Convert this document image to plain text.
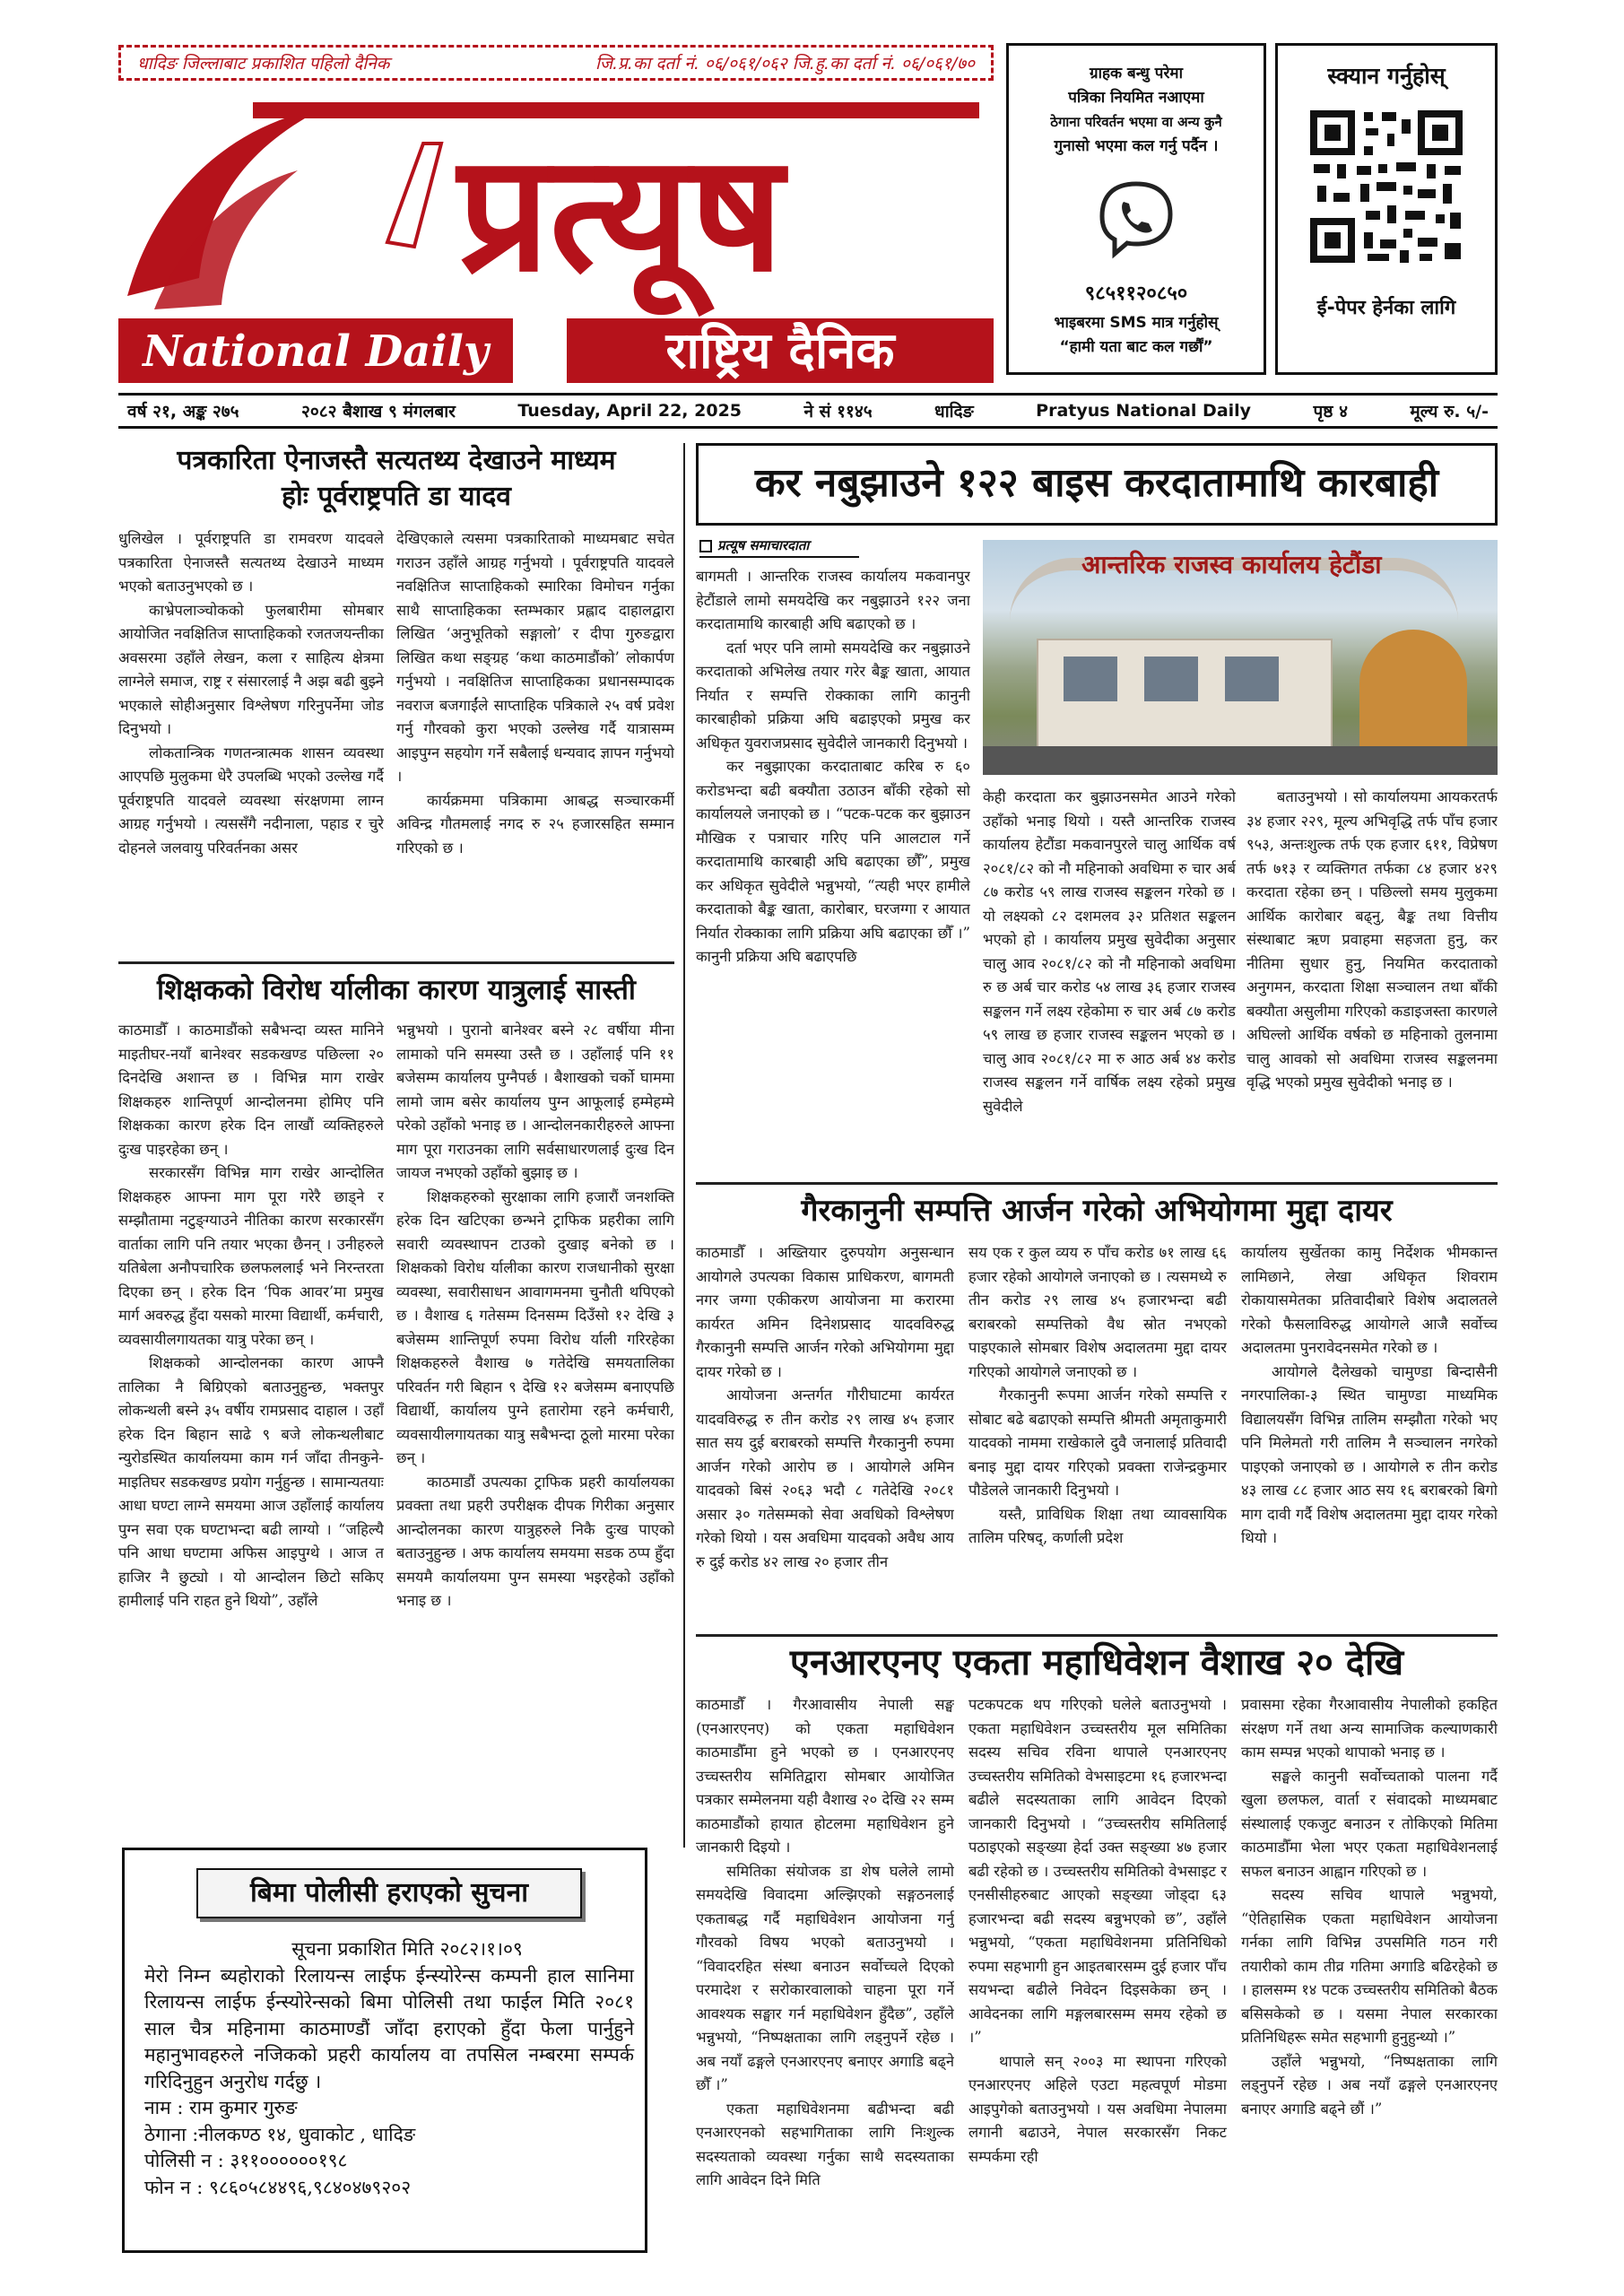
धादिङ जिल्लाबाट प्रकाशित पहिलो दैनिक	जि.प्र.का दर्ता नं. ०६/०६१/०६२ जि.हु.का दर्ता नं. ०६/०६१/७०
प्रत्यूष
National Daily	राष्ट्रिय दैनिक
ग्राहक बन्धु परेमा
पत्रिका नियमित नआएमा
ठेगाना परिवर्तन भएमा वा अन्य कुनै
गुनासो भएमा कल गर्नु पर्दैन ।
९८५११२०८५०
भाइबरमा SMS मात्र गर्नुहोस्
“हामी यता बाट कल गर्छौं”
स्क्यान गर्नुहोस्
ई-पेपर हेर्नका लागि
वर्ष २१, अङ्क २७५	२०८२ बैशाख ९ मंगलबार	Tuesday, April 22, 2025	ने सं ११४५	धादिङ	Pratyus National Daily	पृष्ठ ४	मूल्य रु. ५/-
पत्रकारिता ऐनाजस्तै सत्यतथ्य देखाउने माध्यम
होः पूर्वराष्ट्रपति डा यादव

धुलिखेल । पूर्वराष्ट्रपति डा रामवरण यादवले पत्रकारिता ऐनाजस्तै सत्यतथ्य देखाउने माध्यम भएको बताउनुभएको छ ।

काभ्रेपलाञ्चोकको फुलबारीमा सोमबार आयोजित नवक्षितिज साप्ताहिकको रजतजयन्तीका अवसरमा उहाँले लेखन, कला र साहित्य क्षेत्रमा लाग्नेले समाज, राष्ट्र र संसारलाई नै अझ बढी बुझ्ने भएकाले सोहीअनुसार विश्लेषण गरिनुपर्नेमा जोड दिनुभयो ।

लोकतान्त्रिक गणतन्त्रात्मक शासन व्यवस्था आएपछि मुलुकमा धेरै उपलब्धि भएको उल्लेख गर्दै पूर्वराष्ट्रपति यादवले व्यवस्था संरक्षणमा लाग्न आग्रह गर्नुभयो । त्यससँगै नदीनाला, पहाड र चुरे दोहनले जलवायु परिवर्तनका असर

देखिएकाले त्यसमा पत्रकारिताको माध्यमबाट सचेत गराउन उहाँले आग्रह गर्नुभयो । पूर्वराष्ट्रपति यादवले नवक्षितिज साप्ताहिकको स्मारिका विमोचन गर्नुका साथै साप्ताहिकका स्तम्भकार प्रह्लाद दाहालद्वारा लिखित ‘अनुभूतिको सङ्गालो’ र दीपा गुरुङद्वारा लिखित कथा सङ्ग्रह ‘कथा काठमाडौंको’ लोकार्पण गर्नुभयो । नवक्षितिज साप्ताहिकका प्रधानसम्पादक नवराज बजगाईंले साप्ताहिक पत्रिकाले २५ वर्ष प्रवेश गर्नु गौरवको कुरा भएको उल्लेख गर्दै यात्रासम्म आइपुग्न सहयोग गर्ने सबैलाई धन्यवाद ज्ञापन गर्नुभयो ।

कार्यक्रममा पत्रिकामा आबद्ध सञ्चारकर्मी अविन्द्र गौतमलाई नगद रु २५ हजारसहित सम्मान गरिएको छ ।

शिक्षकको विरोध र्यालीका कारण यात्रुलाई सास्ती

काठमाडौँ । काठमाडौंको सबैभन्दा व्यस्त मानिने माइतीघर-नयाँ बानेश्वर सडकखण्ड पछिल्ला २० दिनदेखि अशान्त छ । विभिन्न माग राखेर शिक्षकहरु शान्तिपूर्ण आन्दोलनमा होमिए पनि शिक्षकका कारण हरेक दिन लाखौं व्यक्तिहरुले दुःख पाइरहेका छन् ।

सरकारसँग विभिन्न माग राखेर आन्दोलित शिक्षकहरु आफ्ना माग पूरा गरेरै छाड्ने र सम्झौतामा नटुङ्ग्याउने नीतिका कारण सरकारसँग वार्ताका लागि पनि तयार भएका छैनन् । उनीहरुले यतिबेला अनौपचारिक छलफललाई भने निरन्तरता दिएका छन् । हरेक दिन ‘पिक आवर’मा प्रमुख मार्ग अवरुद्ध हुँदा यसको मारमा विद्यार्थी, कर्मचारी, व्यवसायीलगायतका यात्रु परेका छन् ।

शिक्षकको आन्दोलनका कारण आफ्नै तालिका नै बिग्रिएको बताउनुहुन्छ, भक्तपुर लोकन्थली बस्ने ३५ वर्षीय रामप्रसाद दाहाल । उहाँ हरेक दिन बिहान साढे ९ बजे लोकन्थलीबाट न्युरोडस्थित कार्यालयमा काम गर्न जाँदा तीनकुने-माइतिघर सडकखण्ड प्रयोग गर्नुहुन्छ । सामान्यतयाः आधा घण्टा लाग्ने समयमा आज उहाँलाई कार्यालय पुग्न सवा एक घण्टाभन्दा बढी लाग्यो । “जहिल्यै पनि आधा घण्टामा अफिस आइपुग्थे । आज त हाजिर नै छुट्यो । यो आन्दोलन छिटो सकिए हामीलाई पनि राहत हुने थियो”, उहाँले

भन्नुभयो । पुरानो बानेश्वर बस्ने २८ वर्षीया मीना लामाको पनि समस्या उस्तै छ । उहाँलाई पनि ११ बजेसम्म कार्यालय पुग्नैपर्छ । बैशाखको चर्को घाममा लामो जाम बसेर कार्यालय पुग्न आफूलाई हम्मेहम्मे परेको उहाँको भनाइ छ । आन्दोलनकारीहरुले आफ्ना माग पूरा गराउनका लागि सर्वसाधारणलाई दुःख दिन जायज नभएको उहाँको बुझाइ छ ।

शिक्षकहरुको सुरक्षाका लागि हजारौं जनशक्ति हरेक दिन खटिएका छन्भने ट्राफिक प्रहरीका लागि सवारी व्यवस्थापन टाउको दुखाइ बनेको छ । शिक्षकको विरोध र्यालीका कारण राजधानीको सुरक्षा व्यवस्था, सवारीसाधन आवागमनमा चुनौती थपिएको छ । वैशाख ६ गतेसम्म दिनसम्म दिउँसो १२ देखि ३ बजेसम्म शान्तिपूर्ण रुपमा विरोध र्याली गरिरहेका शिक्षकहरुले वैशाख ७ गतेदेखि समयतालिका परिवर्तन गरी बिहान ९ देखि १२ बजेसम्म बनाएपछि विद्यार्थी, कार्यालय पुग्ने हतारोमा रहने कर्मचारी, व्यवसायीलगायतका यात्रु सबैभन्दा ठूलो मारमा परेका छन् ।

काठमाडौं उपत्यका ट्राफिक प्रहरी कार्यालयका प्रवक्ता तथा प्रहरी उपरीक्षक दीपक गिरीका अनुसार आन्दोलनका कारण यात्रुहरुले निकै दुःख पाएको बताउनुहुन्छ । अफ कार्यालय समयमा सडक ठप्प हुँदा समयमै कार्यालयमा पुग्न समस्या भइरहेको उहाँको भनाइ छ ।

कर नबुझाउने १२२ बाइस करदातामाथि कारबाही
प्रत्यूष समाचारदाता
आन्तरिक राजस्व कार्यालय हेटौंडा

बागमती । आन्तरिक राजस्व कार्यालय मकवानपुर हेटौंडाले लामो समयदेखि कर नबुझाउने १२२ जना करदातामाथि कारबाही अघि बढाएको छ ।

दर्ता भएर पनि लामो समयदेखि कर नबुझाउने करदाताको अभिलेख तयार गरेर बैङ्क खाता, आयात निर्यात र सम्पत्ति रोक्काका लागि कानुनी कारबाहीको प्रक्रिया अघि बढाइएको प्रमुख कर अधिकृत युवराजप्रसाद सुवेदीले जानकारी दिनुभयो ।

कर नबुझाएका करदाताबाट करिब रु ६० करोडभन्दा बढी बक्यौता उठाउन बाँकी रहेको सो कार्यालयले जनाएको छ । “पटक-पटक कर बुझाउन मौखिक र पत्राचार गरिए पनि आलटाल गर्ने करदातामाथि कारबाही अघि बढाएका छौँ”, प्रमुख कर अधिकृत सुवेदीले भन्नुभयो, “त्यही भएर हामीले करदाताको बैङ्क खाता, कारोबार, घरजग्गा र आयात निर्यात रोक्काका लागि प्रक्रिया अघि बढाएका छौँ ।” कानुनी प्रक्रिया अघि बढाएपछि

केही करदाता कर बुझाउनसमेत आउने गरेको उहाँको भनाइ थियो । यस्तै आन्तरिक राजस्व कार्यालय हेटौंडा मकवानपुरले चालु आर्थिक वर्ष २०८१/८२ को नौ महिनाको अवधिमा रु चार अर्ब ८७ करोड ५९ लाख राजस्व सङ्कलन गरेको छ । यो लक्ष्यको ८२ दशमलव ३२ प्रतिशत सङ्कलन भएको हो । कार्यालय प्रमुख सुवेदीका अनुसार चालु आव २०८१/८२ को नौ महिनाको अवधिमा रु छ अर्ब चार करोड ५४ लाख ३६ हजार राजस्व सङ्कलन गर्ने लक्ष्य रहेकोमा रु चार अर्ब ८७ करोड ५९ लाख छ हजार राजस्व सङ्कलन भएको छ । चालु आव २०८१/८२ मा रु आठ अर्ब ४४ करोड राजस्व सङ्कलन गर्ने वार्षिक लक्ष्य रहेको प्रमुख सुवेदीले

बताउनुभयो । सो कार्यालयमा आयकरतर्फ ३४ हजार २२९, मूल्य अभिवृद्धि तर्फ पाँच हजार ९५३, अन्तःशुल्क तर्फ एक हजार ६११, विप्रेषण तर्फ ७१३ र व्यक्तिगत तर्फका ८४ हजार ४२९ करदाता रहेका छन् । पछिल्लो समय मुलुकमा आर्थिक कारोबार बढ्नु, बैङ्क तथा वित्तीय संस्थाबाट ऋण प्रवाहमा सहजता हुनु, कर नीतिमा सुधार हुनु, नियमित करदाताको अनुगमन, करदाता शिक्षा सञ्चालन तथा बाँकी बक्यौता असुलीमा गरिएको कडाइजस्ता कारणले अघिल्लो आर्थिक वर्षको छ महिनाको तुलनामा चालु आवको सो अवधिमा राजस्व सङ्कलनमा वृद्धि भएको प्रमुख सुवेदीको भनाइ छ ।

गैरकानुनी सम्पत्ति आर्जन गरेको अभियोगमा मुद्दा दायर

काठमाडौँ । अख्तियार दुरुपयोग अनुसन्धान आयोगले उपत्यका विकास प्राधिकरण, बागमती नगर जग्गा एकीकरण आयोजना मा करारमा कार्यरत अमिन दिनेशप्रसाद यादवविरुद्ध गैरकानुनी सम्पत्ति आर्जन गरेको अभियोगमा मुद्दा दायर गरेको छ ।

आयोजना अन्तर्गत गौरीघाटमा कार्यरत यादवविरुद्ध रु तीन करोड २९ लाख ४५ हजार सात सय दुई बराबरको सम्पत्ति गैरकानुनी रुपमा आर्जन गरेको आरोप छ । आयोगले अमिन यादवको बिसं २०६३ भदौ ८ गतेदेखि २०८१ असार ३० गतेसम्मको सेवा अवधिको विश्लेषण गरेको थियो । यस अवधिमा यादवको अवैध आय रु दुई करोड ४२ लाख २० हजार तीन

सय एक र कुल व्यय रु पाँच करोड ७१ लाख ६६ हजार रहेको आयोगले जनाएको छ । त्यसमध्ये रु तीन करोड २९ लाख ४५ हजारभन्दा बढी बराबरको सम्पत्तिको वैध स्रोत नभएको पाइएकाले सोमबार विशेष अदालतमा मुद्दा दायर गरिएको आयोगले जनाएको छ ।

गैरकानुनी रूपमा आर्जन गरेको सम्पत्ति र सोबाट बढे बढाएको सम्पत्ति श्रीमती अमृताकुमारी यादवको नाममा राखेकाले दुवै जनालाई प्रतिवादी बनाइ मुद्दा दायर गरिएको प्रवक्ता राजेन्द्रकुमार पौडेलले जानकारी दिनुभयो ।

यस्तै, प्राविधिक शिक्षा तथा व्यावसायिक तालिम परिषद्, कर्णाली प्रदेश

कार्यालय सुर्खेतका कामु निर्देशक भीमकान्त लामिछाने, लेखा अधिकृत शिवराम रोकायासमेतका प्रतिवादीबारे विशेष अदालतले गरेको फैसलाविरुद्ध आयोगले आजै सर्वोच्च अदालतमा पुनरावेदनसमेत गरेको छ ।

आयोगले दैलेखको चामुण्डा बिन्दासैनी नगरपालिका-३ स्थित चामुण्डा माध्यमिक विद्यालयसँग विभिन्न तालिम सम्झौता गरेको भए पनि मिलेमतो गरी तालिम नै सञ्चालन नगरेको पाइएको जनाएको छ । आयोगले रु तीन करोड ४३ लाख ८८ हजार आठ सय १६ बराबरको बिगो माग दावी गर्दै विशेष अदालतमा मुद्दा दायर गरेको थियो ।

एनआरएनए एकता महाधिवेशन वैशाख २० देखि

काठमाडौँ । गैरआवासीय नेपाली सङ्घ (एनआरएनए) को एकता महाधिवेशन काठमाडौँमा हुने भएको छ । एनआरएनए उच्चस्तरीय समितिद्वारा सोमबार आयोजित पत्रकार सम्मेलनमा यही वैशाख २० देखि २२ सम्म काठमाडौंको हायात होटलमा महाधिवेशन हुने जानकारी दिइयो ।

समितिका संयोजक डा शेष घलेले लामो समयदेखि विवादमा अल्झिएको सङ्गठनलाई एकताबद्ध गर्दै महाधिवेशन आयोजना गर्नु गौरवको विषय भएको बताउनुभयो । “विवादरहित संस्था बनाउन सर्वोच्चले दिएको परमादेश र सरोकारवालाको चाहना पूरा गर्ने आवश्यक सङ्घार गर्न महाधिवेशन हुँदैछ”, उहाँले भन्नुभयो, “निष्पक्षताका लागि लड्नुपर्ने रहेछ । अब नयाँ ढङ्गले एनआरएनए बनाएर अगाडि बढ्ने छौँ ।”

एकता महाधिवेशनमा बढीभन्दा बढी एनआरएनको सहभागिताका लागि निःशुल्क सदस्यताको व्यवस्था गर्नुका साथै सदस्यताका लागि आवेदन दिने मिति

पटकपटक थप गरिएको घलेले बताउनुभयो । एकता महाधिवेशन उच्चस्तरीय मूल समितिका सदस्य सचिव रविना थापाले एनआरएनए उच्चस्तरीय समितिको वेभसाइटमा १६ हजारभन्दा बढीले सदस्यताका लागि आवेदन दिएको जानकारी दिनुभयो । “उच्चस्तरीय समितिलाई पठाइएको सङ्ख्या हेर्दा उक्त सङ्ख्या ४७ हजार बढी रहेको छ । उच्चस्तरीय समितिको वेभसाइट र एनसीसीहरुबाट आएको सङ्ख्या जोड्दा ६३ हजारभन्दा बढी सदस्य बन्नुभएको छ”, उहाँले भन्नुभयो, “एकता महाधिवेशनमा प्रतिनिधिको रुपमा सहभागी हुन आइतबारसम्म दुई हजार पाँच सयभन्दा बढीले निवेदन दिइसकेका छन् । आवेदनका लागि मङ्गलबारसम्म समय रहेको छ ।”

थापाले सन् २००३ मा स्थापना गरिएको एनआरएनए अहिले एउटा महत्वपूर्ण मोडमा आइपुगेको बताउनुभयो । यस अवधिमा नेपालमा लगानी बढाउने, नेपाल सरकारसँग निकट सम्पर्कमा रही

प्रवासमा रहेका गैरआवासीय नेपालीको हकहित संरक्षण गर्ने तथा अन्य सामाजिक कल्याणकारी काम सम्पन्न भएको थापाको भनाइ छ ।

सङ्घले कानुनी सर्वोच्चताको पालना गर्दै खुला छलफल, वार्ता र संवादको माध्यमबाट संस्थालाई एकजुट बनाउन र तोकिएको मितिमा काठमाडौँमा भेला भएर एकता महाधिवेशनलाई सफल बनाउन आह्वान गरिएको छ ।

सदस्य सचिव थापाले भन्नुभयो, “ऐतिहासिक एकता महाधिवेशन आयोजना गर्नका लागि विभिन्न उपसमिति गठन गरी तयारीको काम तीव्र गतिमा अगाडि बढिरहेको छ । हालसम्म १४ पटक उच्चस्तरीय समितिको बैठक बसिसकेको छ । यसमा नेपाल सरकारका प्रतिनिधिहरू समेत सहभागी हुनुहुन्थ्यो ।”

उहाँले भन्नुभयो, “निष्पक्षताका लागि लड्नुपर्ने रहेछ । अब नयाँ ढङ्गले एनआरएनए बनाएर अगाडि बढ्ने छौं ।”

बिमा पोलीसी हराएको सुचना
सूचना प्रकाशित मिति २०८२।१।०९
मेरो निम्न ब्यहोराको रिलायन्स लाईफ ईन्स्योरेन्स कम्पनी हाल सानिमा रिलायन्स लाईफ ईन्स्योरेन्सको बिमा पोलिसी तथा फाईल मिति २०८१ साल चैत्र महिनामा काठमाण्डौं जाँदा हराएको हुँदा फेला पार्नुहुने महानुभावहरुले नजिकको प्रहरी कार्यालय वा तपसिल नम्बरमा सम्पर्क गरिदिनुहुन अनुरोध गर्दछु ।
नाम : राम कुमार गुरुङ
ठेगाना :नीलकण्ठ १४, धुवाकोट , धादिङ
पोलिसी न : ३११००००००१९८
फोन न : ९८६०५८४४९६,९८४०४७९२०२
